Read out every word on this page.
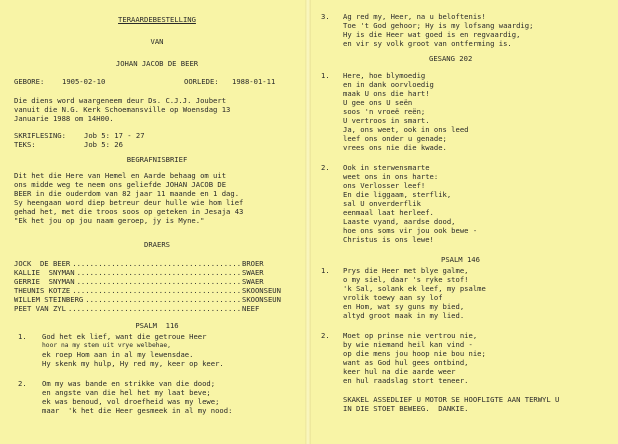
TERAARDEBESTELLING
VAN
JOHAN JACOB DE BEER
GEBORE: 1905-02-10	OORLEDE: 1988-01-11
Die diens word waargeneem deur Ds. C.J.J. Joubert
vanuit die N.G. Kerk Schoemansville op Woensdag 13
Januarie 1988 om 14H00.
SKRIFLESING:	Job 5: 17 - 27
TEKS:	Job 5: 26
BEGRAFNISBRIEF
Dit het die Here van Hemel en Aarde behaag om uit
ons midde weg te neem ons geliefde JOHAN JACOB DE
BEER in die ouderdom van 82 jaar 11 maande en 1 dag.
Sy heengaan word diep betreur deur hulle wie hom lief
gehad het, met die troos soos op geteken in Jesaja 43
"Ek het jou op jou naam geroep, jy is Myne."
DRAERS
JOCK  DE BEER .....	BROER
KALLIE  SNYMAN .....	SWAER
GERRIE  SNYMAN .....	SWAER
THEUNIS KOTZE .....	SKOONSEUN
WILLEM STEINBERG .....	SKOONSEUN
PEET VAN ZYL .....	NEEF
PSALM  116
1. God het ek lief, want die getroue Heer
hoor na my stem uit vrye welbehae,
ek roep Hom aan in al my lewensdae.
Hy skenk my hulp, Hy red my, keer op keer.
2. Om my was bande en strikke van die dood;
en angste van die hel het my laat beve;
ek was benoud, vol droefheid was my lewe;
maar  'k het die Heer gesmeek in al my nood:
3. Ag red my, Heer, na u beloftenis!
Toe 't God gehoor; Hy is my lofsang waardig;
Hy is die Heer wat goed is en regvaardig,
en vir sy volk groot van ontferming is.
GESANG 202
1. Here, hoe blymoedig
en in dank oorvloedig
maak U ons die hart!
U gee ons U seën
soos 'n vroeë reën;
U vertroos in smart.
Ja, ons weet, ook in ons leed
leef ons onder u genade;
vrees ons nie die kwade.
2. Ook in sterwensmarte
weet ons in ons harte:
ons Verlosser leef!
En die liggaam, sterflik,
sal U onverderflik
eenmaal laat herleef.
Laaste vyand, aardse dood,
hoe ons soms vir jou ook bewe -
Christus is ons lewe!
PSALM 146
1. Prys die Heer met blye galme,
o my siel, daar 's ryke stof!
'k Sal, solank ek leef, my psalme
vrolik toewy aan sy lof
en Hom, wat sy guns my bied,
altyd groot maak in my lied.
2. Moet op prinse nie vertrou nie,
by wie niemand heil kan vind -
op die mens jou hoop nie bou nie;
want as God hul gees ontbind,
keer hul na die aarde weer
en hul raadslag stort teneer.
SKAKEL ASSEDLIEF U MOTOR SE HOOFLIGTE AAN TERWYL U
IN DIE STOET BEWEEG.  DANKIE.
